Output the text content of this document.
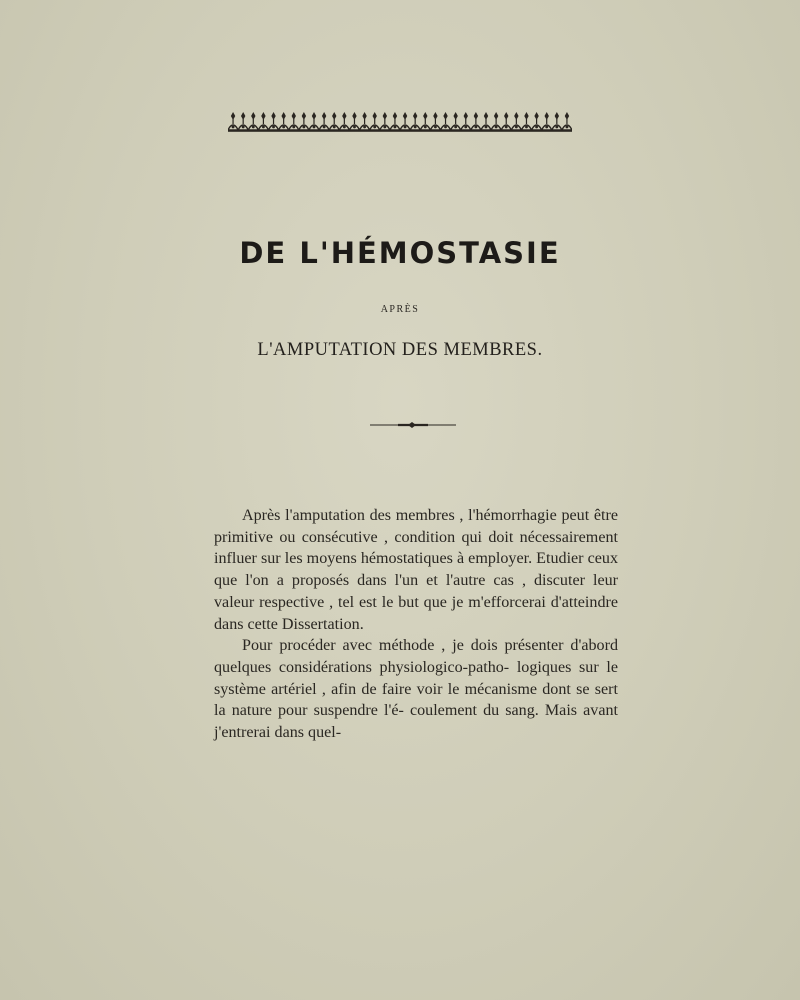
DE L'HÉMOSTASIE
APRÈS
L'AMPUTATION DES MEMBRES.

Après l'amputation des membres , l'hémorrhagie peut être primitive ou consécutive , condition qui doit nécessairement influer sur les moyens hémostatiques à employer. Etudier ceux que l'on a proposés dans l'un et l'autre cas , discuter leur valeur respective , tel est le but que je m'efforcerai d'atteindre dans cette Dissertation.

Pour procéder avec méthode , je dois présenter d'abord quelques considérations physiologico-patho- logiques sur le système artériel , afin de faire voir le mécanisme dont se sert la nature pour suspendre l'é- coulement du sang. Mais avant j'entrerai dans quel-
